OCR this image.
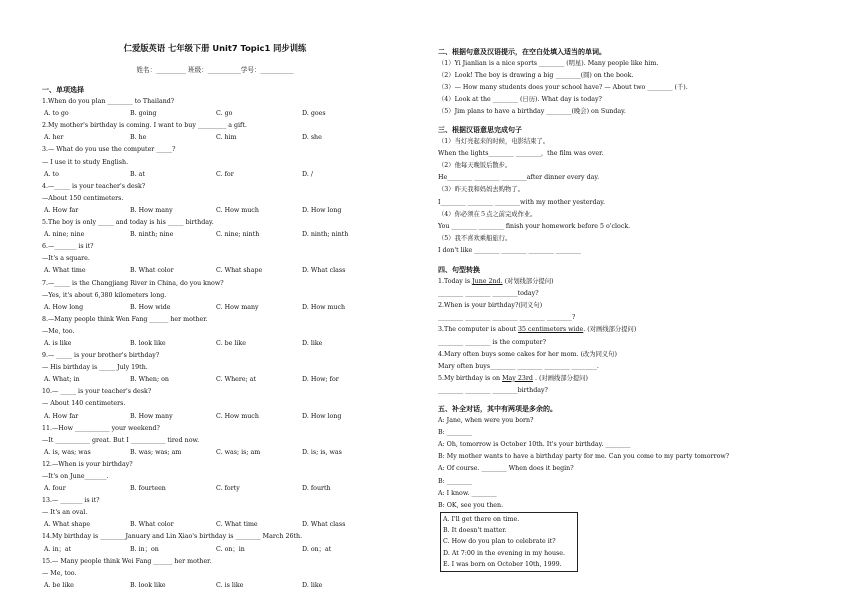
仁爱版英语 七年级下册 Unit7 Topic1 同步训练
姓名：_________ 班级：__________学号：__________
一、单项选择
1.When do you plan ________ to Thailand?
A. to go	B. going	C. go	D. goes
2.My mother's birthday is coming. I want to buy _________ a gift.
A. her	B. he	C. him	D. she
3.— What do you use the computer _____?
— I use it to study English.
A. to	B. at	C. for	D. /
4.—_____ is your teacher's desk?
—About 150 centimeters.
A. How far	B. How many	C. How much	D. How long
5.The boy is only _____ and today is his _____ birthday.
A. nine; nine	B. ninth; nine	C. nine; ninth	D. ninth; ninth
6.—_______ is it?
—It's a square.
A. What time	B. What color	C. What shape	D. What class
7.—_____ is the Changjiang River in China, do you know?
—Yes, it's about 6,380 kilometers long.
A. How long	B. How wide	C. How many	D. How much
8.—Many people think Wen Fang ______ her mother.
—Me, too.
A. is like	B. look like	C. be like	D. like
9.— _____ is your brother's birthday?
— His birthday is _____ July 19th.
A. What; in	B. When; on	C. Where; at	D. How; for
10.— _____ is your teacher's desk?
— About 140 centimeters.
A. How far	B. How many	C. How much	D. How long
11.—How ___________ your weekend?
—It ___________ great. But I ___________ tired now.
A. is, was; was	B. was; was; am	C. was; is; am	D. is; is, was
12.—When is your birthday?
—It's on June_______.
A. four	B. fourteen	C. forty	D. fourth
13.— _______ is it?
— It's an oval.
A. What shape	B. What color	C. What time	D. What class
14.My birthday is ________January and Lin Xiao's birthday is ________ March 26th.
A. in；at	B. in；on	C. on；in	D. on；at
15.— Many people think Wei Fang ______ her mother.
— Me, too.
A. be like	B. look like	C. is like	D. like
二、根据句意及汉语提示，在空白处填入适当的单词。
（1）Yi Jianlian is a nice sports ________ (明星). Many people like him.
（2）Look! The boy is drawing a big ________(圆) on the book.
（3）— How many students does your school have? — About two ________ (千).
（4）Look at the ________ (日历). What day is today?
（5）Jim plans to have a birthday ________(晚会) on Sunday.
三、根据汉语意思完成句子
（1）当灯亮起来的时候，电影结束了。
When the lights________ ________，the film was over.
（2）他每天晚饭后散步。
He________ ________ ________after dinner every day.
（3）昨天我和妈妈去购物了。
I________ ________ ________with my mother yesterday.
（4）你必须在５点之前完成作业。
You ________ ________ finish your homework before 5 o'clock.
（5）我不喜欢乘船旅行。
I don't like ________ ________ ________ ________
四、句型转换
1.Today is June 2nd. (对划线部分提问)
________ ________ ________today?
2.When is your birthday?(同义句)
________ ________ ________ ________ ________?
3.The computer is about 35 centimeters wide. (对画线部分提问)
________ ________ is the computer?
4.Mary often buys some cakes for her mom. (改为同义句)
Mary often buys________ ________ ________ ________.
5.My birthday is on May 23rd . (对画线部分提问)
________ ________ ________birthday?
五、补全对话，其中有两项是多余的。
A: Jane, when were you born?
B: ________
A: Oh, tomorrow is October 10th. It's your birthday. ________
B: My mother wants to have a birthday party for me. Can you come to my party tomorrow?
A: Of course. ________ When does it begin?
B: ________
A: I know. ________
B: OK, see you then.
A. I'll get there on time.
B. It doesn't matter.
C. How do you plan to celebrate it?
D. At 7:00 in the evening in my house.
E. I was born on October 10th, 1999.
